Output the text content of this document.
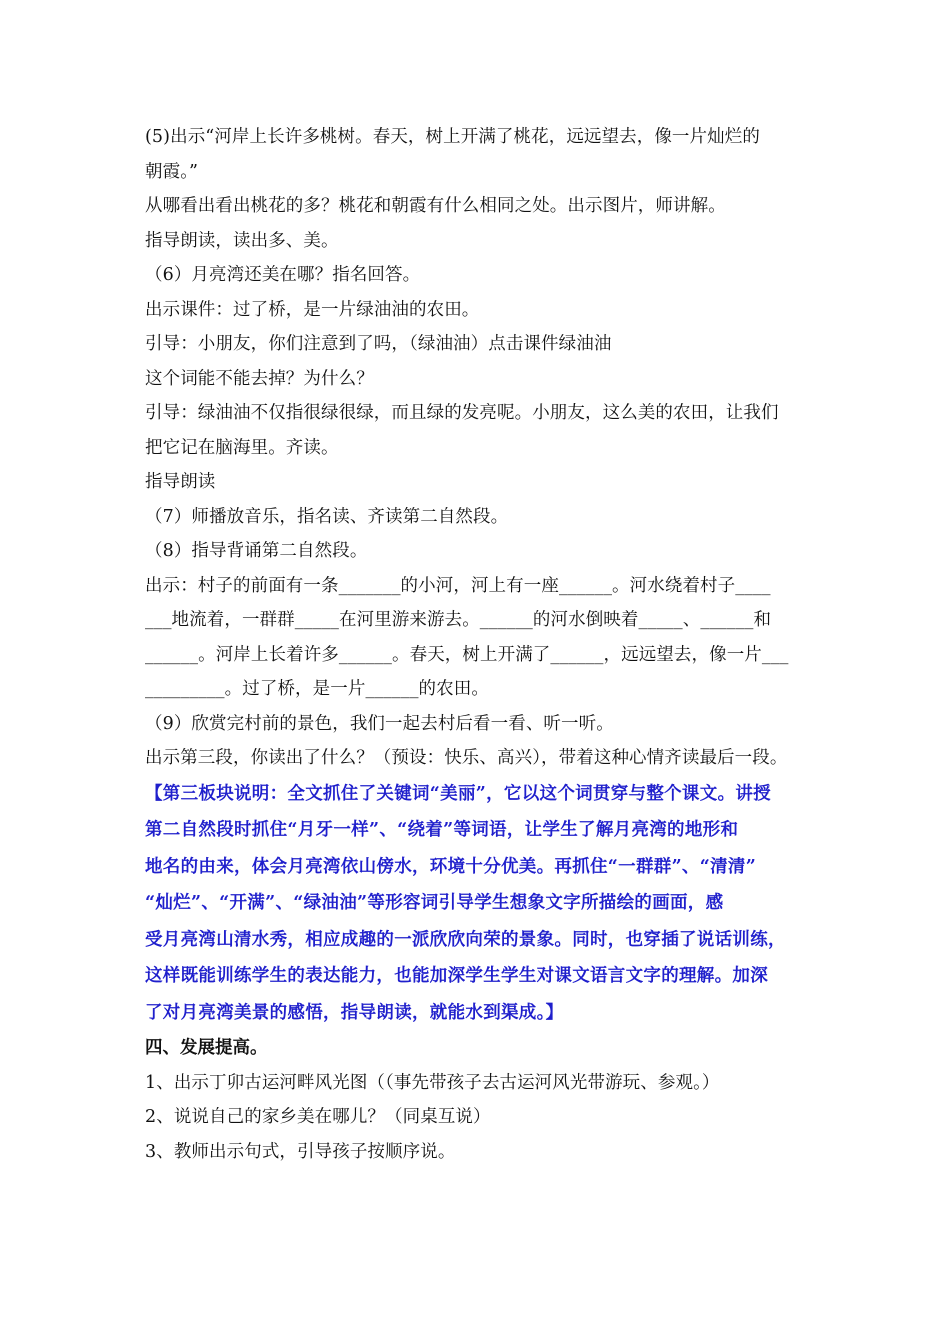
(5)出示“河岸上长许多桃树。春天，树上开满了桃花，远远望去，像一片灿烂的
朝霞。”
从哪看出看出桃花的多？桃花和朝霞有什么相同之处。出示图片，师讲解。
指导朗读，读出多、美。
（6）月亮湾还美在哪？指名回答。
出示课件：过了桥，是一片绿油油的农田。
引导：小朋友，你们注意到了吗，（绿油油）点击课件绿油油
这个词能不能去掉？为什么？
引导：绿油油不仅指很绿很绿，而且绿的发亮呢。小朋友，这么美的农田，让我们
把它记在脑海里。齐读。
指导朗读
（7）师播放音乐，指名读、齐读第二自然段。
（8）指导背诵第二自然段。
出示：村子的前面有一条_______的小河，河上有一座______。河水绕着村子____
___地流着，一群群_____在河里游来游去。______的河水倒映着_____、______和
______。河岸上长着许多______。春天，树上开满了______，远远望去，像一片___
_________。过了桥，是一片______的农田。
（9）欣赏完村前的景色，我们一起去村后看一看、听一听。
出示第三段，你读出了什么？（预设：快乐、高兴），带着这种心情齐读最后一段。
【第三板块说明：全文抓住了关键词“美丽”，它以这个词贯穿与整个课文。讲授
第二自然段时抓住“月牙一样”、“绕着”等词语，让学生了解月亮湾的地形和
地名的由来，体会月亮湾依山傍水，环境十分优美。再抓住“一群群”、“清清”
“灿烂”、“开满”、“绿油油”等形容词引导学生想象文字所描绘的画面，感
受月亮湾山清水秀，相应成趣的一派欣欣向荣的景象。同时，也穿插了说话训练，
这样既能训练学生的表达能力，也能加深学生学生对课文语言文字的理解。加深
了对月亮湾美景的感悟，指导朗读，就能水到渠成。】
四、发展提高。
1、出示丁卯古运河畔风光图（（事先带孩子去古运河风光带游玩、参观。）
2、说说自己的家乡美在哪儿？（同桌互说）
3、教师出示句式，引导孩子按顺序说。
